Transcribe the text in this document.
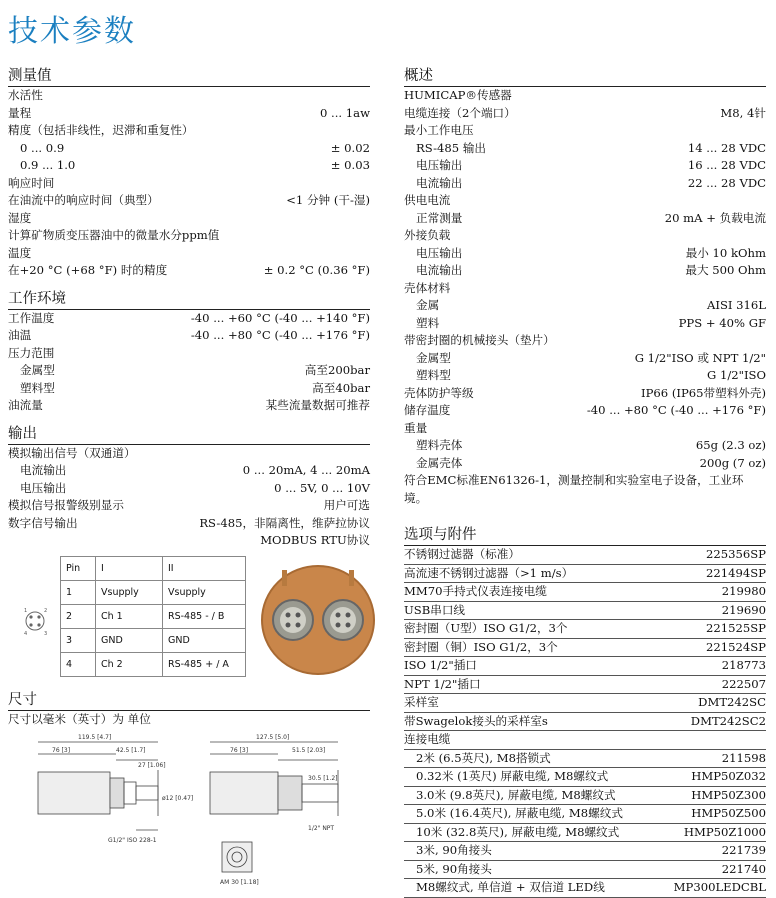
技术参数
测量值
水活性
量程	0 ... 1aw
精度（包括非线性，迟滞和重复性）
0 ... 0.9	± 0.02
0.9 ... 1.0	± 0.03
响应时间
在油流中的响应时间（典型）	<1 分钟 (干-湿)
湿度
计算矿物质变压器油中的微量水分ppm值
温度
在+20 °C (+68 °F) 时的精度	± 0.2 °C (0.36 °F)
工作环境
工作温度	-40 ... +60 °C (-40 ... +140 °F)
油温	-40 ... +80 °C (-40 ... +176 °F)
压力范围
金属型	高至200bar
塑料型	高至40bar
油流量	某些流量数据可推荐
输出
模拟输出信号（双通道）
电流输出	0 ... 20mA, 4 ... 20mA
电压输出	0 ... 5V, 0 ... 10V
模拟信号报警级别显示	用户可选
数字信号输出	RS-485，非隔离性，维萨拉协议
MODBUS RTU协议
1	2
4	3
Pin	I	II
1	Vsupply	Vsupply
2	Ch 1	RS-485 - / B
3	GND	GND
4	Ch 2	RS-485 + / A
尺寸
尺寸以毫米（英寸）为 单位
119.5 [4.7]
76 [3]	42.5 [1.7]
27 [1.06]
G1/2" ISO 228-1
127.5 [5.0]
76 [3]	51.5 [2.03]
30.5 [1.2]
1/2" NPT
AM 30 [1.18]
ø12 [0.47]
概述
HUMICAP®传感器
电缆连接（2个端口）	M8, 4针
最小工作电压
RS-485 输出	14 ... 28 VDC
电压输出	16 ... 28 VDC
电流输出	22 ... 28 VDC
供电电流
正常测量	20 mA + 负载电流
外接负载
电压输出	最小 10 kOhm
电流输出	最大 500 Ohm
壳体材料
金属	AISI 316L
塑料	PPS + 40% GF
带密封圈的机械接头（垫片）
金属型	G 1/2"ISO 或 NPT 1/2"
塑料型	G 1/2"ISO
壳体防护等级	IP66 (IP65带塑料外壳)
储存温度	-40 ... +80 °C (-40 ... +176 °F)
重量
塑料壳体	65g (2.3 oz)
金属壳体	200g (7 oz)
符合EMC标准EN61326-1，测量控制和实验室电子设备，工业环境。
选项与附件
不锈钢过滤器（标准）	225356SP
高流速不锈钢过滤器（>1 m/s）	221494SP
MM70手持式仪表连接电缆	219980
USB串口线	219690
密封圈（U型）ISO G1/2，3个	221525SP
密封圈（铜）ISO G1/2，3个	221524SP
ISO 1/2"插口	218773
NPT 1/2"插口	222507
采样室	DMT242SC
带Swagelok接头的采样室s	DMT242SC2
连接电缆
2米 (6.5英尺), M8搭锁式	211598
0.32米 (1英尺) 屏蔽电缆, M8螺纹式	HMP50Z032
3.0米 (9.8英尺), 屏蔽电缆, M8螺纹式	HMP50Z300
5.0米 (16.4英尺), 屏蔽电缆, M8螺纹式	HMP50Z500
10米 (32.8英尺), 屏蔽电缆, M8螺纹式	HMP50Z1000
3米, 90角接头	221739
5米, 90角接头	221740
M8螺纹式, 单信道 + 双信道 LED线	MP300LEDCBL
